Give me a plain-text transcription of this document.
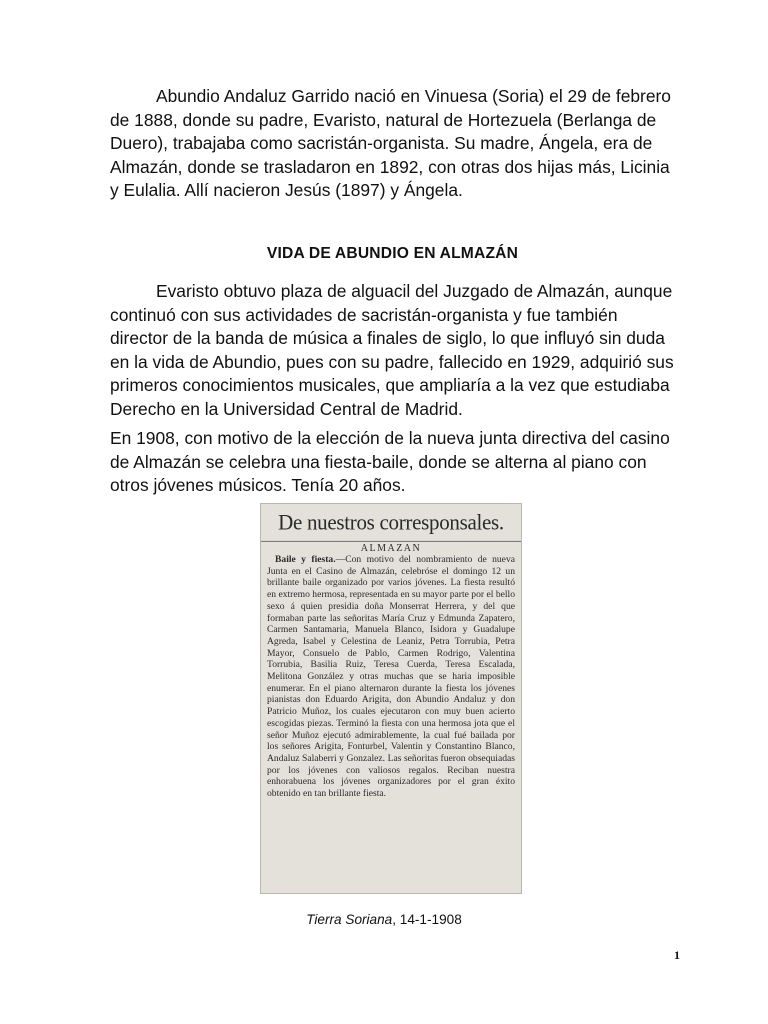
Abundio Andaluz Garrido nació en Vinuesa (Soria) el 29 de febrero de 1888, donde su padre, Evaristo, natural de Hortezuela (Berlanga de Duero), trabajaba como sacristán-organista. Su madre, Ángela, era de Almazán, donde se trasladaron en 1892, con otras dos hijas más, Licinia y Eulalia. Allí nacieron Jesús (1897) y Ángela.

VIDA DE ABUNDIO EN ALMAZÁN

Evaristo obtuvo plaza de alguacil del Juzgado de Almazán, aunque continuó con sus actividades de sacristán-organista y fue también director de la banda de música a finales de siglo, lo que influyó sin duda en la vida de Abundio, pues con su padre, fallecido en 1929, adquirió sus primeros conocimientos musicales, que ampliaría a la vez que estudiaba Derecho en la Universidad Central de Madrid.

En 1908, con motivo de la elección de la nueva junta directiva del casino de Almazán se celebra una fiesta-baile, donde se alterna al piano con otros jóvenes músicos. Tenía 20 años.

De nuestros corresponsales.
ALMAZAN

Baile y fiesta.—Con motivo del nombramiento de nueva Junta en el Casino de Almazán, celebróse el domingo 12 un brillante baile organizado por varios jóvenes. La fiesta resultó en extremo hermosa, representada en su mayor parte por el bello sexo á quien presidia doña Monserrat Herrera, y del que formaban parte las señoritas María Cruz y Edmunda Zapatero, Carmen Santamaria, Manuela Blanco, Isidora y Guadalupe Agreda, Isabel y Celestina de Leaniz, Petra Torrubia, Petra Mayor, Consuelo de Pablo, Carmen Rodrigo, Valentina Torrubia, Basilia Ruiz, Teresa Cuerda, Teresa Escalada, Melitona González y otras muchas que se haria imposible enumerar. En el piano alternaron durante la fiesta los jóvenes pianistas don Eduardo Arigita, don Abundio Andaluz y don Patricio Muñoz, los cuales ejecutaron con muy buen acierto escogidas piezas. Terminó la fiesta con una hermosa jota que el señor Muñoz ejecutó admirablemente, la cual fué bailada por los señores Arigita, Fonturbel, Valentin y Constantino Blanco, Andaluz Salaberri y Gonzalez. Las señoritas fueron obsequiadas por los jóvenes con valiosos regalos. Reciban nuestra enhorabuena los jóvenes organizadores por el gran éxito obtenido en tan brillante fiesta.

Tierra Soriana, 14-1-1908
1
